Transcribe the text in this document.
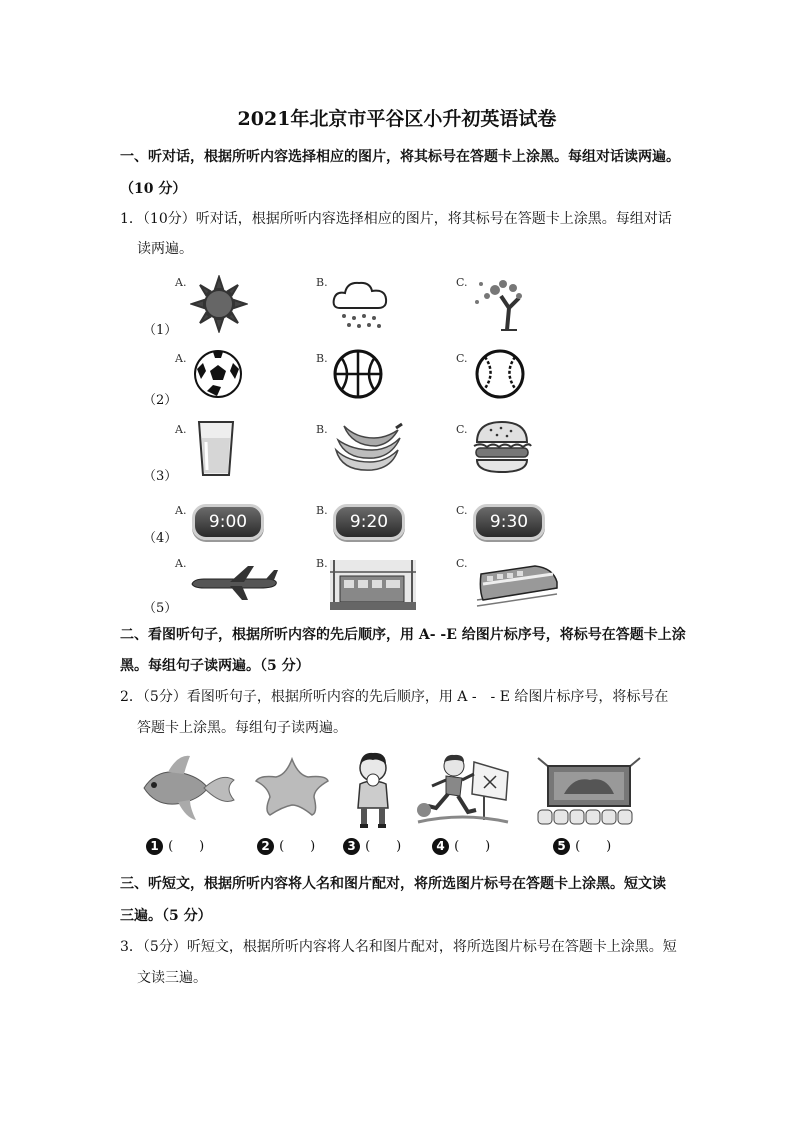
2021年北京市平谷区小升初英语试卷
一、听对话，根据所听内容选择相应的图片，将其标号在答题卡上涂黑。每组对话读两遍。
（10 分）
1．（10分）听对话，根据所听内容选择相应的图片，将其标号在答题卡上涂黑。每组对话
读两遍。
（1）
A.	B.	C.
（2）
A.	B.	C.
（3）
A.	B.	C.
（4）
A.	B.	C.
9:00	9:20	9:30
（5）
A.	B.	C.
二、看图听句子，根据所听内容的先后顺序，用 A- -E 给图片标序号，将标号在答题卡上涂
黑。每组句子读两遍。（5 分）
2．（5分）看图听句子，根据所听内容的先后顺序，用 A -　- E 给图片标序号，将标号在
答题卡上涂黑。每组句子读两遍。
1 (　　)	2 (　　)	3 (　　)	4 (　　)	5 (　　)
三、听短文，根据所听内容将人名和图片配对，将所选图片标号在答题卡上涂黑。短文读
三遍。（5 分）
3．（5分）听短文，根据所听内容将人名和图片配对，将所选图片标号在答题卡上涂黑。短
文读三遍。
